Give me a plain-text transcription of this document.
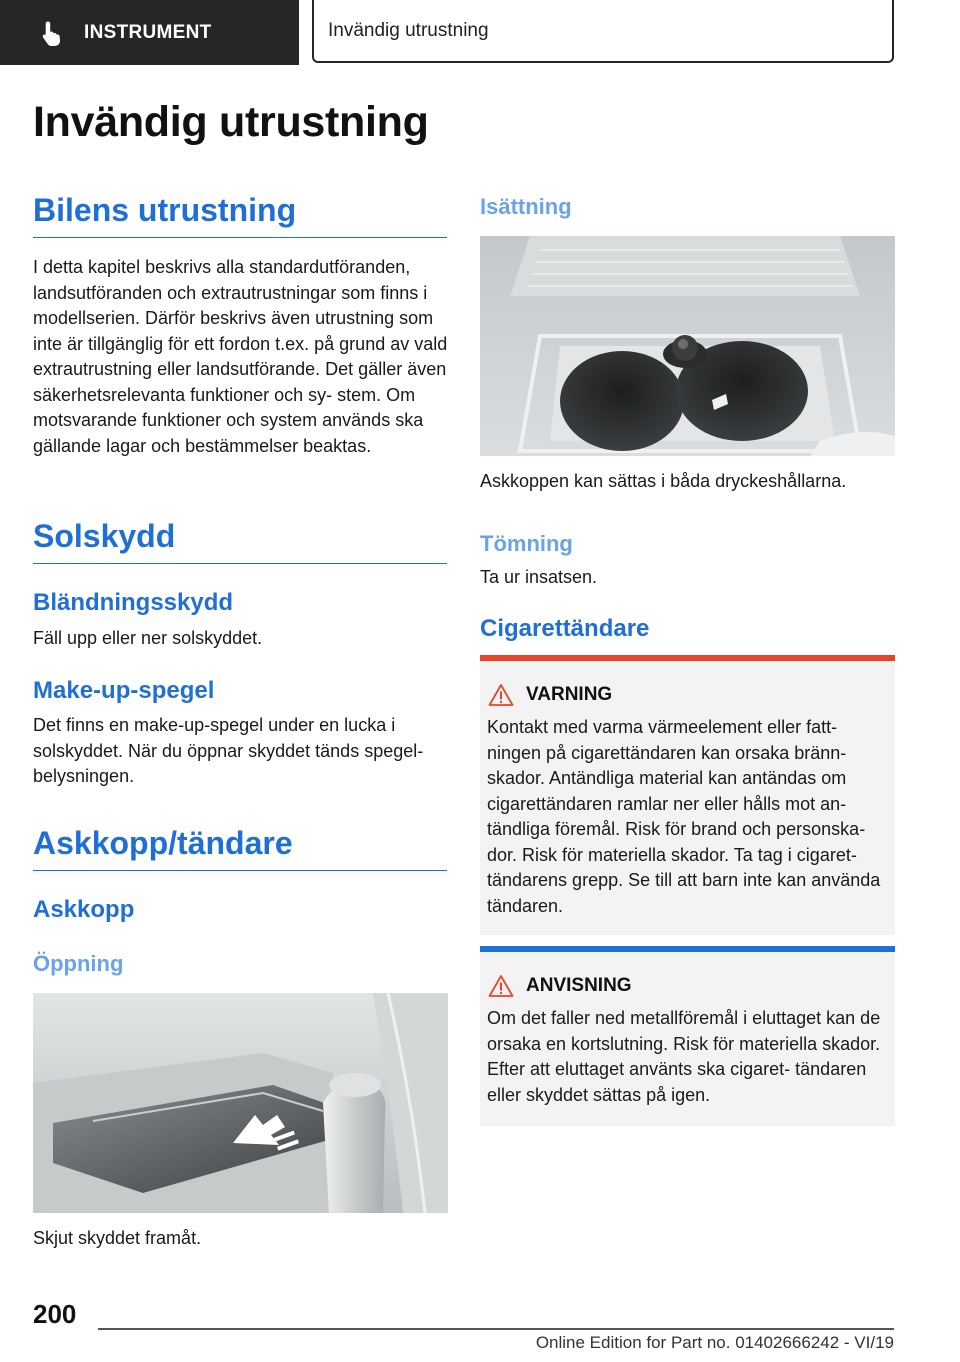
INSTRUMENT	Invändig utrustning
Invändig utrustning
Bilens utrustning

I detta kapitel beskrivs alla standardutföranden, landsutföranden och extrautrustningar som finns i modellserien. Därför beskrivs även utrustning som inte är tillgänglig för ett fordon t.ex. på grund av vald extrautrustning eller landsutförande. Det gäller även säkerhetsrelevanta funktioner och sy‐ stem. Om motsvarande funktioner och system används ska gällande lagar och bestämmelser beaktas.

Solskydd
Bländningsskydd

Fäll upp eller ner solskyddet.

Make-up-spegel

Det finns en make-up-spegel under en lucka i solskyddet. När du öppnar skyddet tänds spegel‐ belysningen.

Askkopp/tändare
Askkopp
Öppning

Skjut skyddet framåt.

Isättning

Askkoppen kan sättas i båda dryckeshållarna.

Tömning

Ta ur insatsen.

Cigarettändare
VARNING

Kontakt med varma värmeelement eller fatt‐ ningen på cigarettändaren kan orsaka bränn‐ skador. Antändliga material kan antändas om cigarettändaren ramlar ner eller hålls mot an‐ tändliga föremål. Risk för brand och personska‐ dor. Risk för materiella skador. Ta tag i cigaret‐ tändarens grepp. Se till att barn inte kan använda tändaren.

ANVISNING

Om det faller ned metallföremål i eluttaget kan de orsaka en kortslutning. Risk för materiella skador. Efter att eluttaget använts ska cigaret‐ tändaren eller skyddet sättas på igen.

200
Online Edition for Part no. 01402666242 - VI/19
